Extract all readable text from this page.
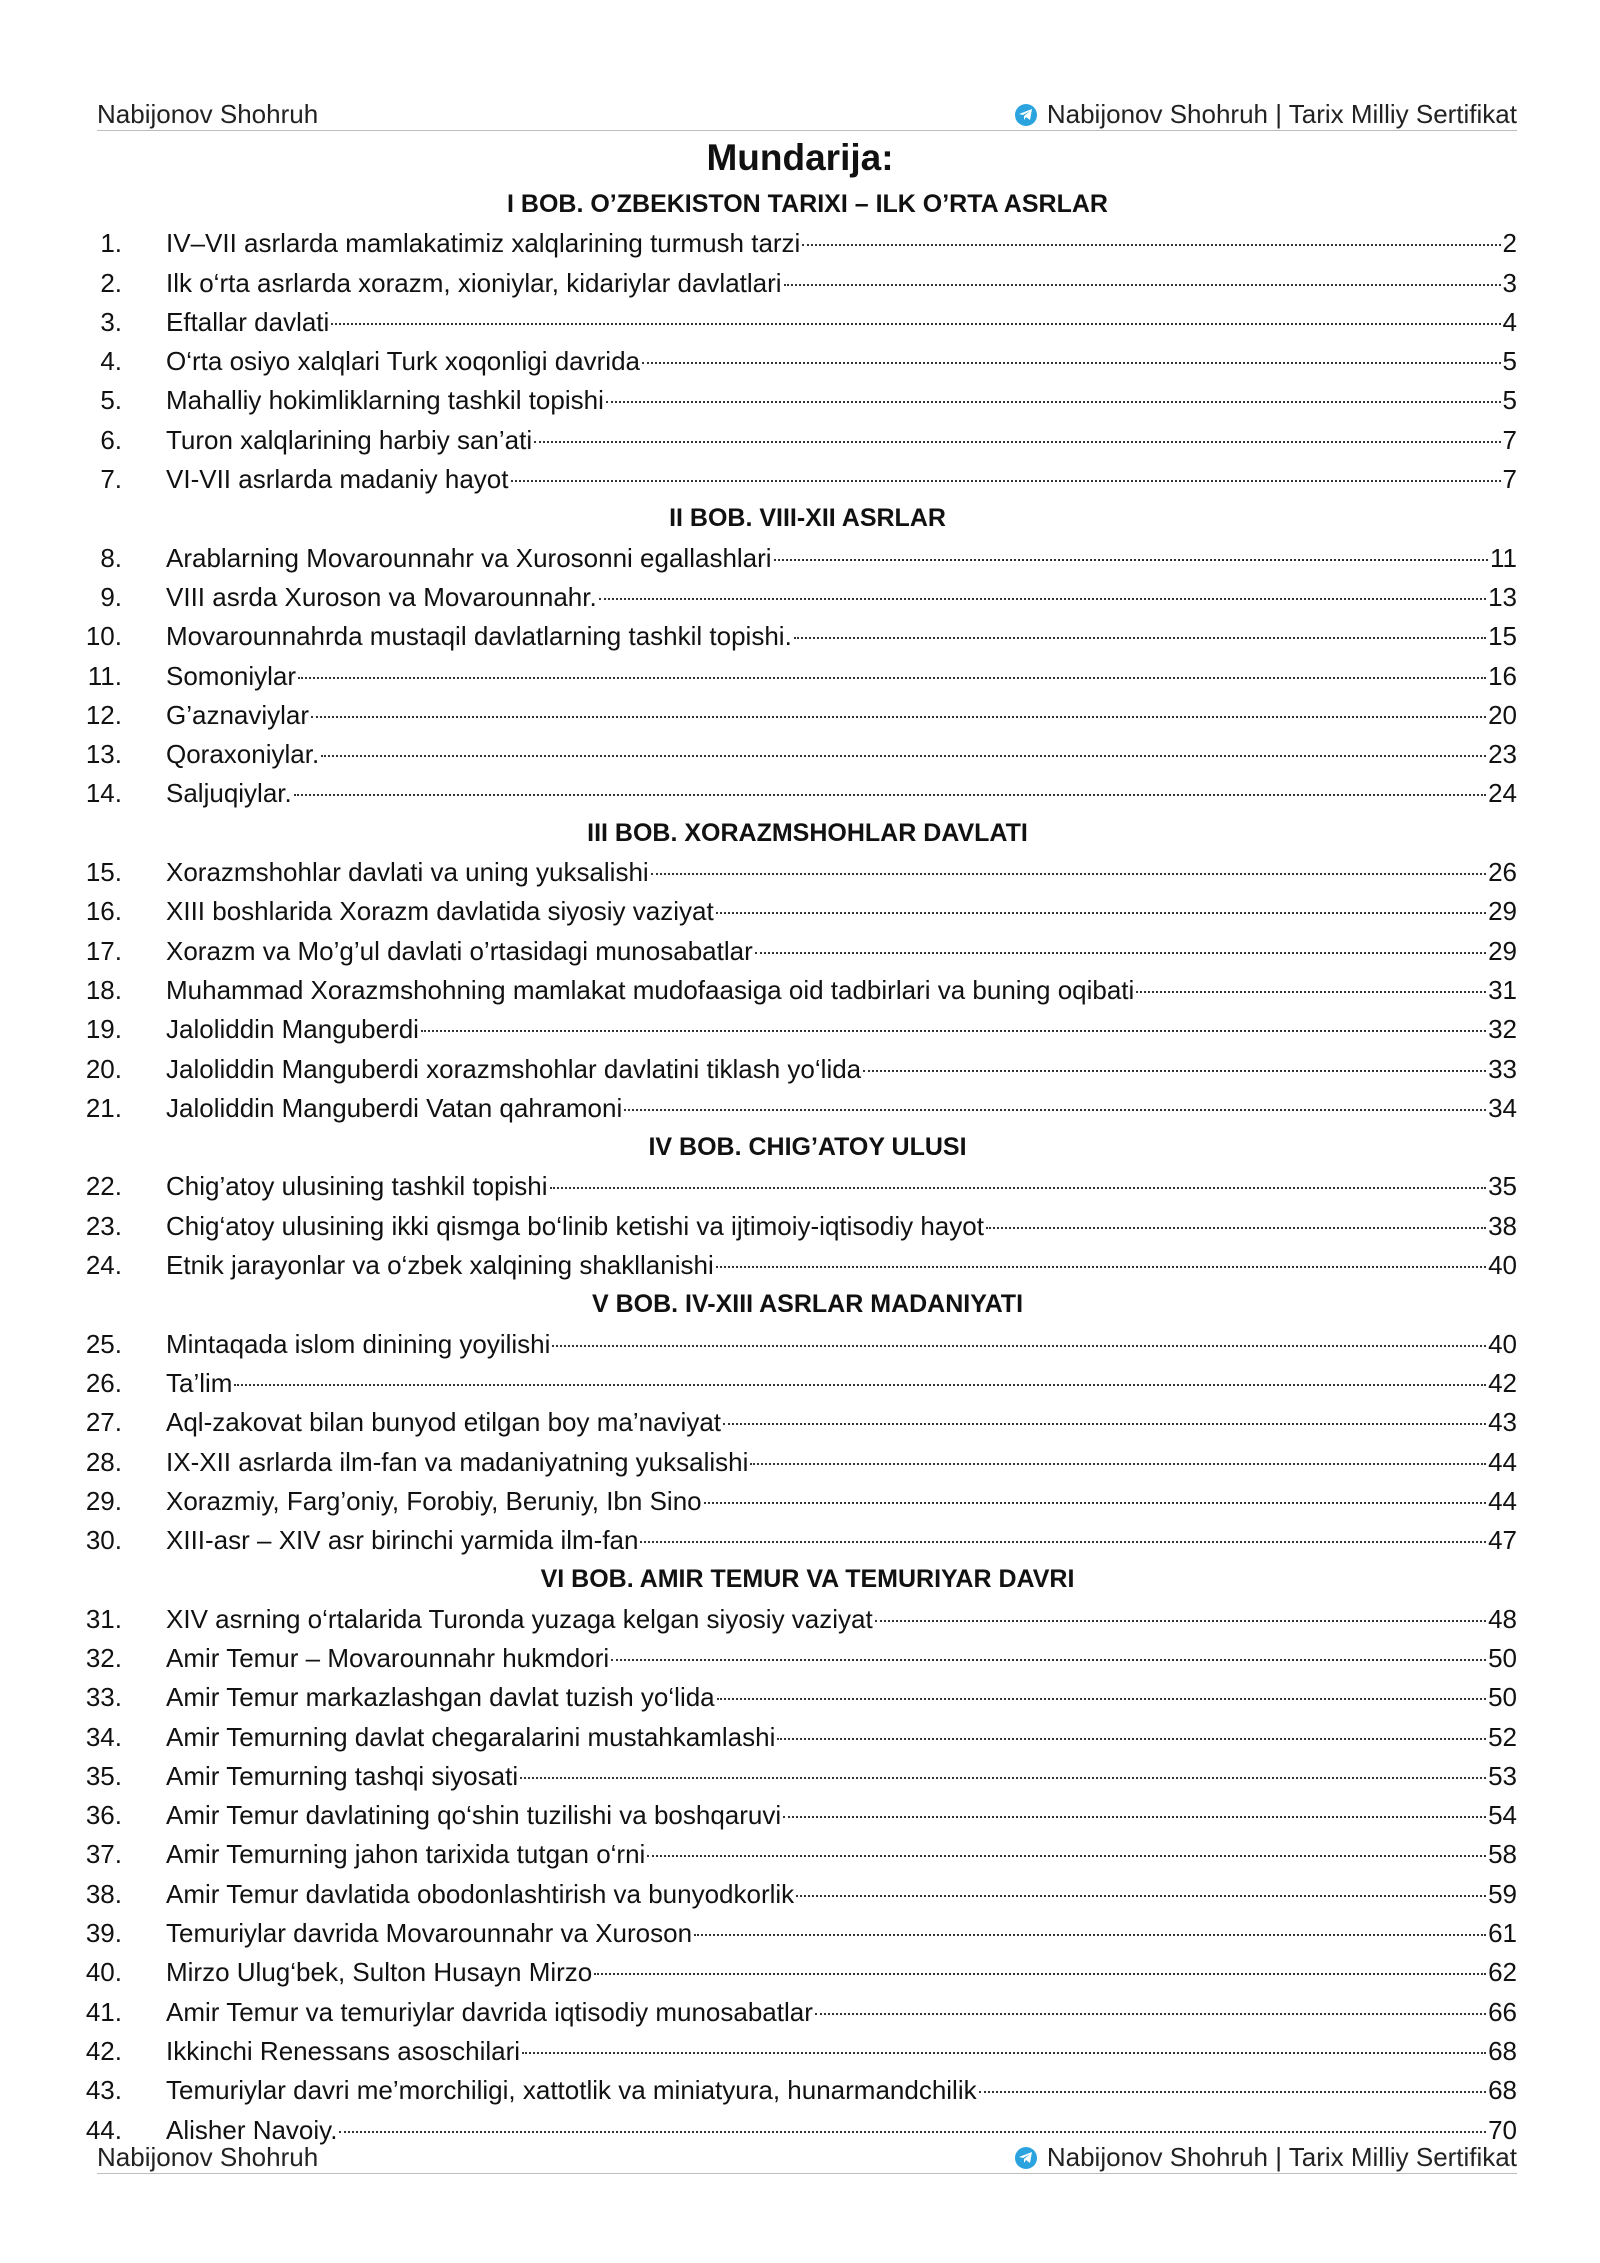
Nabijonov Shohruh	Nabijonov Shohruh | Tarix Milliy Sertifikat
Mundarija:
I BOB. O’ZBEKISTON TARIXI – ILK O’RTA ASRLAR
1. IV–VII asrlarda mamlakatimiz xalqlarining turmush tarzi	2
2. Ilk o‘rta asrlarda xorazm, xioniylar, kidariylar davlatlari	3
3. Eftallar davlati	4
4. O‘rta osiyo xalqlari Turk xoqonligi davrida	5
5. Mahalliy hokimliklarning tashkil topishi	5
6. Turon xalqlarining harbiy san’ati	7
7. VI-VII asrlarda madaniy hayot	7
II BOB. VIII-XII ASRLAR
8. Arablarning Movarounnahr va Xurosonni egallashlari	11
9. VIII asrda Xuroson va Movarounnahr.	13
10. Movarounnahrda mustaqil davlatlarning tashkil topishi.	15
11. Somoniylar	16
12. G’aznaviylar	20
13. Qoraxoniylar.	23
14. Saljuqiylar.	24
III BOB. XORAZMSHOHLAR DAVLATI
15. Xorazmshohlar davlati va uning yuksalishi	26
16. XIII boshlarida Xorazm davlatida siyosiy vaziyat	29
17. Xorazm va Mo’g’ul davlati o’rtasidagi munosabatlar	29
18. Muhammad Xorazmshohning mamlakat mudofaasiga oid tadbirlari va buning oqibati	31
19. Jaloliddin Manguberdi	32
20. Jaloliddin Manguberdi xorazmshohlar davlatini tiklash yo‘lida	33
21. Jaloliddin Manguberdi Vatan qahramoni	34
IV BOB. CHIG’ATOY ULUSI
22. Chig’atoy ulusining tashkil topishi	35
23. Chig‘atoy ulusining ikki qismga bo‘linib ketishi va ijtimoiy-iqtisodiy hayot	38
24. Etnik jarayonlar va o‘zbek xalqining shakllanishi	40
V BOB. IV-XIII ASRLAR MADANIYATI
25. Mintaqada islom dinining yoyilishi	40
26. Ta’lim	42
27. Aql-zakovat bilan bunyod etilgan boy ma’naviyat	43
28. IX-XII asrlarda ilm-fan va madaniyatning yuksalishi	44
29. Xorazmiy, Farg’oniy, Forobiy, Beruniy, Ibn Sino	44
30. XIII-asr – XIV asr birinchi yarmida ilm-fan	47
VI BOB. AMIR TEMUR VA TEMURIYAR DAVRI
31. XIV asrning o‘rtalarida Turonda yuzaga kelgan siyosiy vaziyat	48
32. Amir Temur – Movarounnahr hukmdori	50
33. Amir Temur markazlashgan davlat tuzish yo‘lida	50
34. Amir Temurning davlat chegaralarini mustahkamlashi	52
35. Amir Temurning tashqi siyosati	53
36. Amir Temur davlatining qo‘shin tuzilishi va boshqaruvi	54
37. Amir Temurning jahon tarixida tutgan o‘rni	58
38. Amir Temur davlatida obodonlashtirish va bunyodkorlik	59
39. Temuriylar davrida Movarounnahr va Xuroson	61
40. Mirzo Ulug‘bek, Sulton Husayn Mirzo	62
41. Amir Temur va temuriylar davrida iqtisodiy munosabatlar	66
42. Ikkinchi Renessans asoschilari	68
43. Temuriylar davri me’morchiligi, xattotlik va miniatyura, hunarmandchilik	68
44. Alisher Navoiy.	70
Nabijonov Shohruh	Nabijonov Shohruh | Tarix Milliy Sertifikat
